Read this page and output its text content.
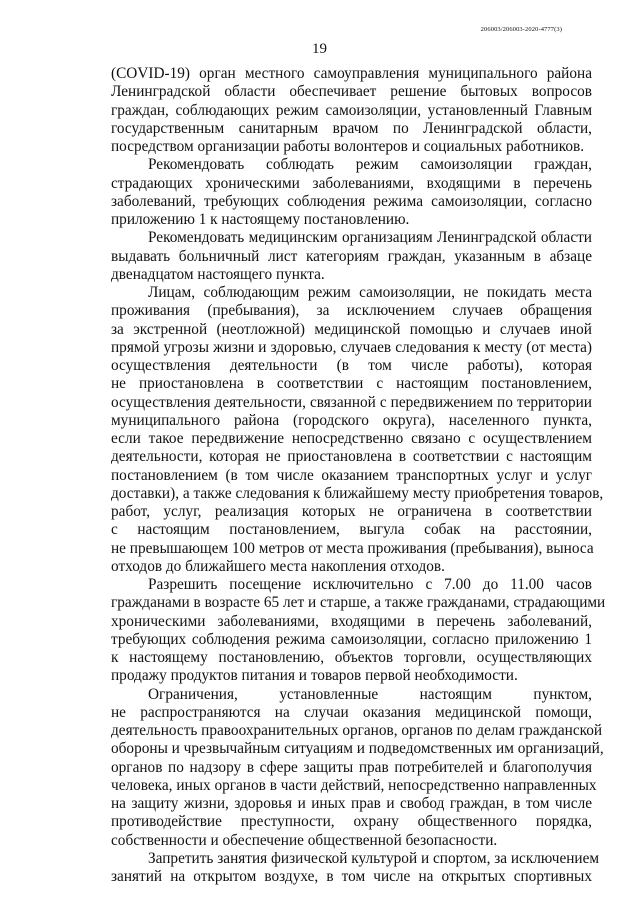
206003/206003-2020-4777(3)
19
(COVID-19) орган местного самоуправления муниципального района
Ленинградской области обеспечивает решение бытовых вопросов
граждан, соблюдающих режим самоизоляции, установленный Главным
государственным санитарным врачом по Ленинградской области,
посредством организации работы волонтеров и социальных работников.
Рекомендовать соблюдать режим самоизоляции граждан,
страдающих хроническими заболеваниями, входящими в перечень
заболеваний, требующих соблюдения режима самоизоляции, согласно
приложению 1 к настоящему постановлению.
Рекомендовать медицинским организациям Ленинградской области
выдавать больничный лист категориям граждан, указанным в абзаце
двенадцатом настоящего пункта.
Лицам, соблюдающим режим самоизоляции, не покидать места
проживания (пребывания), за исключением случаев обращения
за экстренной (неотложной) медицинской помощью и случаев иной
прямой угрозы жизни и здоровью, случаев следования к месту (от места)
осуществления деятельности (в том числе работы), которая
не приостановлена в соответствии с настоящим постановлением,
осуществления деятельности, связанной с передвижением по территории
муниципального района (городского округа), населенного пункта,
если такое передвижение непосредственно связано с осуществлением
деятельности, которая не приостановлена в соответствии с настоящим
постановлением (в том числе оказанием транспортных услуг и услуг
доставки), а также следования к ближайшему месту приобретения товаров,
работ, услуг, реализация которых не ограничена в соответствии
с настоящим постановлением, выгула собак на расстоянии,
не превышающем 100 метров от места проживания (пребывания), выноса
отходов до ближайшего места накопления отходов.
Разрешить посещение исключительно с 7.00 до 11.00 часов
гражданами в возрасте 65 лет и старше, а также гражданами, страдающими
хроническими заболеваниями, входящими в перечень заболеваний,
требующих соблюдения режима самоизоляции, согласно приложению 1
к настоящему постановлению, объектов торговли, осуществляющих
продажу продуктов питания и товаров первой необходимости.
Ограничения, установленные настоящим пунктом,
не распространяются на случаи оказания медицинской помощи,
деятельность правоохранительных органов, органов по делам гражданской
обороны и чрезвычайным ситуациям и подведомственных им организаций,
органов по надзору в сфере защиты прав потребителей и благополучия
человека, иных органов в части действий, непосредственно направленных
на защиту жизни, здоровья и иных прав и свобод граждан, в том числе
противодействие преступности, охрану общественного порядка,
собственности и обеспечение общественной безопасности.
Запретить занятия физической культурой и спортом, за исключением
занятий на открытом воздухе, в том числе на открытых спортивных
